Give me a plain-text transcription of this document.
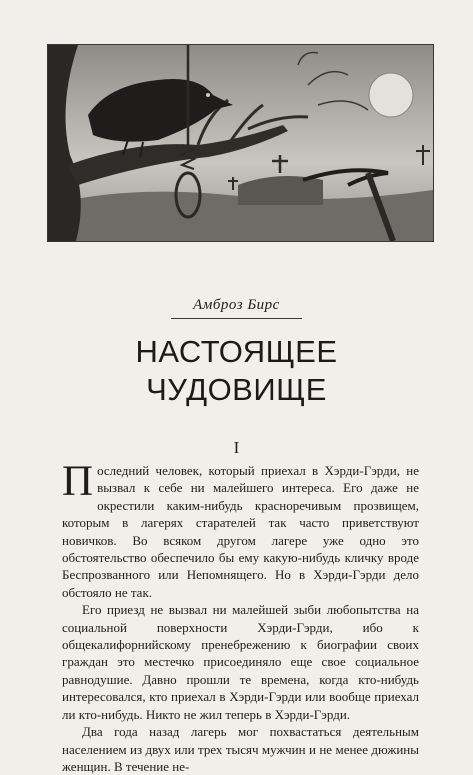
Амброз Бирс
НАСТОЯЩЕЕ
ЧУДОВИЩЕ
I

Последний человек, который приехал в Хэрди-Гэрди, не вызвал к себе ни малейшего интереса. Его даже не окрестили каким-нибудь красноречивым прозвищем, которым в лагерях старателей так часто приветствуют новичков. Во всяком другом лагере уже одно это обстоятельство обеспечило бы ему какую-нибудь кличку вроде Беспрозванного или Непомнящего. Но в Хэрди-Гэрди дело обстояло не так.

Его приезд не вызвал ни малейшей зыби любопытства на социальной поверхности Хэрди-Гэрди, ибо к общекалифорнийскому пренебрежению к биографии своих граждан это местечко присоединяло еще свое социальное равнодушие. Давно прошли те времена, когда кто-нибудь интересовался, кто приехал в Хэрди-Гэрди или вообще приехал ли кто-нибудь. Никто не жил теперь в Хэрди-Гэрди.

Два года назад лагерь мог похвастаться деятельным населением из двух или трех тысяч мужчин и не менее дюжины женщин. В течение не-
